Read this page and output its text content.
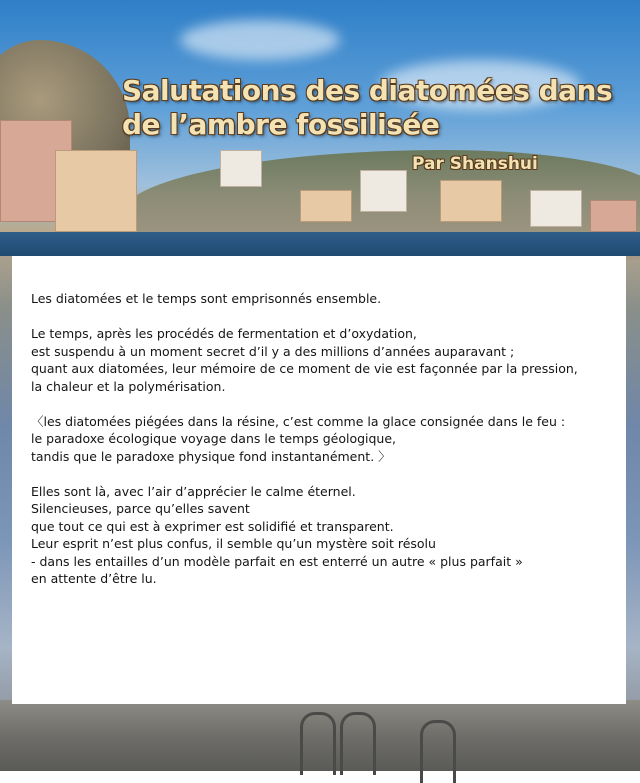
Salutations des diatomées dans
de l’ambre fossilisée
Par Shanshui
Les diatomées et le temps sont emprisonnés ensemble.
Le temps, après les procédés de fermentation et d’oxydation,
est suspendu à un moment secret d’il y a des millions d’années auparavant ;
quant aux diatomées, leur mémoire de ce moment de vie est façonnée par la pression,
la chaleur et la polymérisation.
〈les diatomées piégées dans la résine, c’est comme la glace consignée dans le feu :
le paradoxe écologique voyage dans le temps géologique,
tandis que le paradoxe physique fond instantanément. 〉
Elles sont là, avec l’air d’apprécier le calme éternel.
Silencieuses, parce qu’elles savent
que tout ce qui est à exprimer est solidifié et transparent.
Leur esprit n’est plus confus, il semble qu’un mystère soit résolu
- dans les entailles d’un modèle parfait en est enterré un autre « plus parfait »
en attente d’être lu.
